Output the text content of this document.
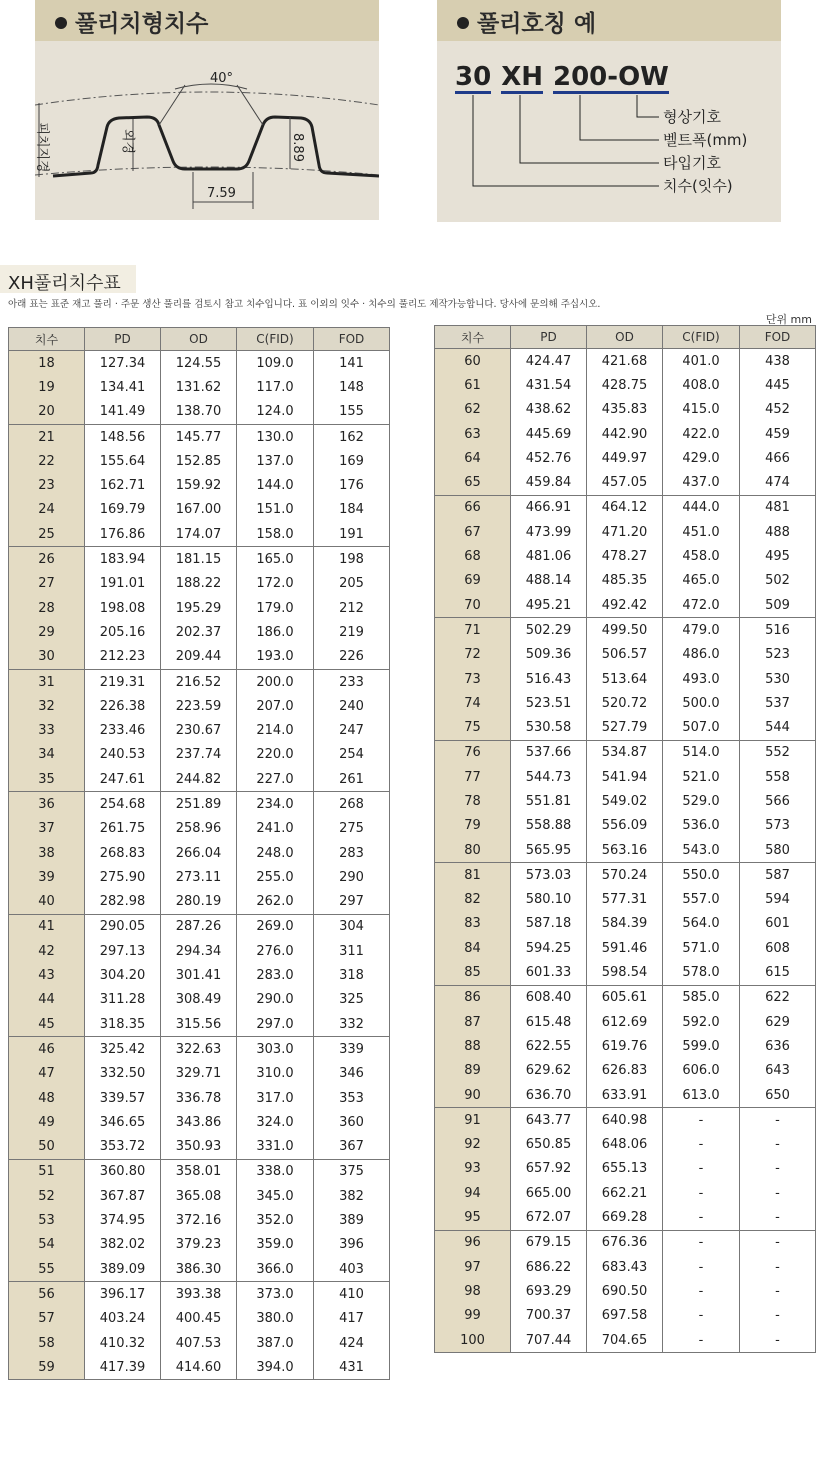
풀리치형치수
40°
피치지경	외경	8.89
7.59
풀리호칭 예
30 XH 200-OW
형상기호
벨트폭(mm)
타입기호
치수(잇수)
XH풀리치수표
아래 표는 표준 재고 풀리 · 주문 생산 풀리를 검토시 참고 치수입니다. 표 이외의 잇수 · 치수의 풀리도 제작가능합니다. 당사에 문의해 주십시오.
단위 mm
치수	PD	OD	C(FID)	FOD
18	127.34	124.55	109.0	141
19	134.41	131.62	117.0	148
20	141.49	138.70	124.0	155
21	148.56	145.77	130.0	162
22	155.64	152.85	137.0	169
23	162.71	159.92	144.0	176
24	169.79	167.00	151.0	184
25	176.86	174.07	158.0	191
26	183.94	181.15	165.0	198
27	191.01	188.22	172.0	205
28	198.08	195.29	179.0	212
29	205.16	202.37	186.0	219
30	212.23	209.44	193.0	226
31	219.31	216.52	200.0	233
32	226.38	223.59	207.0	240
33	233.46	230.67	214.0	247
34	240.53	237.74	220.0	254
35	247.61	244.82	227.0	261
36	254.68	251.89	234.0	268
37	261.75	258.96	241.0	275
38	268.83	266.04	248.0	283
39	275.90	273.11	255.0	290
40	282.98	280.19	262.0	297
41	290.05	287.26	269.0	304
42	297.13	294.34	276.0	311
43	304.20	301.41	283.0	318
44	311.28	308.49	290.0	325
45	318.35	315.56	297.0	332
46	325.42	322.63	303.0	339
47	332.50	329.71	310.0	346
48	339.57	336.78	317.0	353
49	346.65	343.86	324.0	360
50	353.72	350.93	331.0	367
51	360.80	358.01	338.0	375
52	367.87	365.08	345.0	382
53	374.95	372.16	352.0	389
54	382.02	379.23	359.0	396
55	389.09	386.30	366.0	403
56	396.17	393.38	373.0	410
57	403.24	400.45	380.0	417
58	410.32	407.53	387.0	424
59	417.39	414.60	394.0	431
치수	PD	OD	C(FID)	FOD
60	424.47	421.68	401.0	438
61	431.54	428.75	408.0	445
62	438.62	435.83	415.0	452
63	445.69	442.90	422.0	459
64	452.76	449.97	429.0	466
65	459.84	457.05	437.0	474
66	466.91	464.12	444.0	481
67	473.99	471.20	451.0	488
68	481.06	478.27	458.0	495
69	488.14	485.35	465.0	502
70	495.21	492.42	472.0	509
71	502.29	499.50	479.0	516
72	509.36	506.57	486.0	523
73	516.43	513.64	493.0	530
74	523.51	520.72	500.0	537
75	530.58	527.79	507.0	544
76	537.66	534.87	514.0	552
77	544.73	541.94	521.0	558
78	551.81	549.02	529.0	566
79	558.88	556.09	536.0	573
80	565.95	563.16	543.0	580
81	573.03	570.24	550.0	587
82	580.10	577.31	557.0	594
83	587.18	584.39	564.0	601
84	594.25	591.46	571.0	608
85	601.33	598.54	578.0	615
86	608.40	605.61	585.0	622
87	615.48	612.69	592.0	629
88	622.55	619.76	599.0	636
89	629.62	626.83	606.0	643
90	636.70	633.91	613.0	650
91	643.77	640.98	-	-
92	650.85	648.06	-	-
93	657.92	655.13	-	-
94	665.00	662.21	-	-
95	672.07	669.28	-	-
96	679.15	676.36	-	-
97	686.22	683.43	-	-
98	693.29	690.50	-	-
99	700.37	697.58	-	-
100	707.44	704.65	-	-
